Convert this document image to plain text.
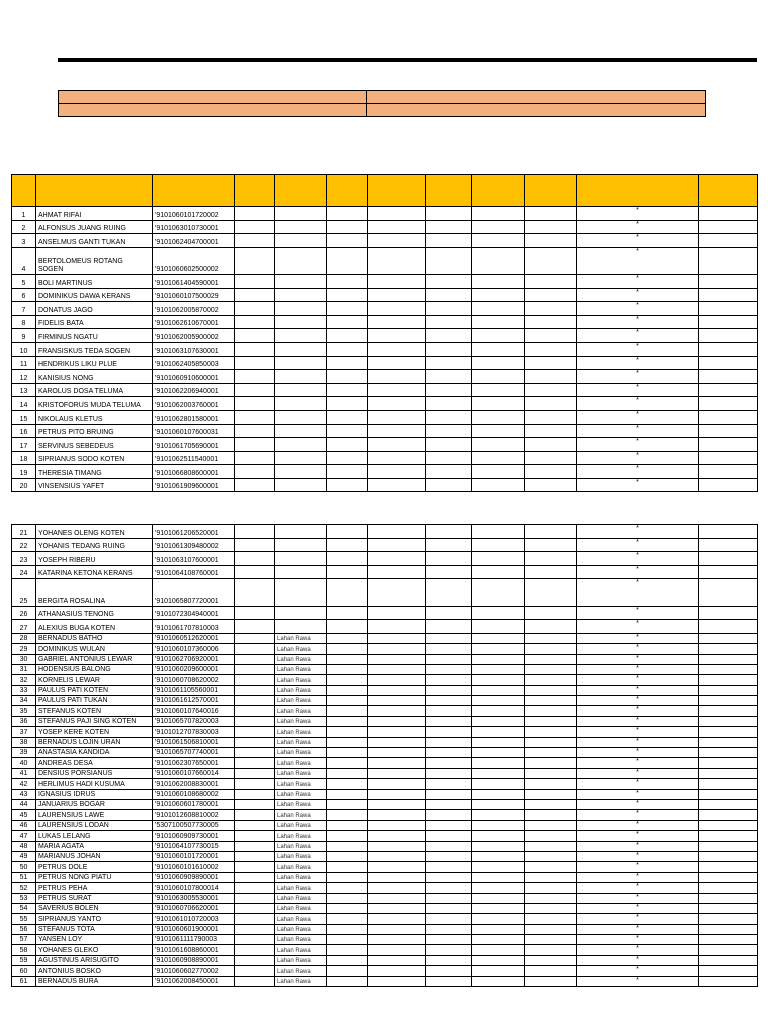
1	AHMAT RIFAI	'9101060101720002								*	
2	ALFONSUS JUANG RUING	'9101063010730001								*	
3	ANSELMUS GANTI TUKAN	'9101062404700001								*	
4	BERTOLOMEUS ROTANG SOGEN	'9101060602500002								*	
5	BOLI MARTINUS	'9101061404590001								*	
6	DOMINIKUS DAWA KERANS	'9101060107500029								*	
7	DONATUS JAGO	'9101062005870002								*	
8	FIDELIS BATA	'9101062610670001								*	
9	FIRMINUS NGATU	'9101062005900002								*	
10	FRANSISKUS TEDA SOGEN	'9101063107630001								*	
11	HENDRIKUS LIKU PLUE	'9101062405850003								*	
12	KANISIUS NONG	'9101060910600001								*	
13	KAROLUS DOSA TELUMA	'9101062206940001								*	
14	KRISTOFORUS MUDA TELUMA	'9101062003760001								*	
15	NIKOLAUS KLETUS	'9101062801580001								*	
16	PETRUS PITO BRUING	'9101060107600031								*	
17	SERVINUS SEBEDEUS	'9101061705690001								*	
18	SIPRIANUS SODO KOTEN	'9101062511540001								*	
19	THERESIA TIMANG	'9101066808600001								*	
20	VINSENSIUS YAFET	'9101061909600001								*	
21	YOHANES OLENG KOTEN	'9101061206520001								*	
22	YOHANIS TEDANG RUING	'9101061309480002								*	
23	YOSEPH RIBERU	'9101063107600001								*	
24	KATARINA KETONA KERANS	'9101064108760001								*	
25	BERGITA ROSALINA	'9101065807720001								*	
26	ATHANASIUS TENONG	'9101072304940001								*	
27	ALEXIUS BUGA KOTEN	'9101061707810003								*	
28	BERNADUS BATHO	'9101060512620001		Lahan Rawa						*	
29	DOMINIKUS WULAN	'9101060107360006		Lahan Rawa						*	
30	GABRIEL ANTONIUS LEWAR	'9101062706920001		Lahan Rawa						*	
31	HODENSIUS BALONG	'9101060209600001		Lahan Rawa						*	
32	KORNELIS LEWAR	'9101060708620002		Lahan Rawa						*	
33	PAULUS PATI KOTEN	'9101061105560001		Lahan Rawa						*	
34	PAULUS PATI TUKAN	'9101061612570001		Lahan Rawa						*	
35	STEFANUS KOTEN	'9101060107640016		Lahan Rawa						*	
36	STEFANUS PAJI SING KOTEN	'9101065707820003		Lahan Rawa						*	
37	YOSEP KERE KOTEN	'9101012707830003		Lahan Rawa						*	
38	BERNADUS LOJIN URAN	'9101061506810001		Lahan Rawa						*	
39	ANASTASIA KANDIDA	'9101065707740001		Lahan Rawa						*	
40	ANDREAS DESA	'9101062307650001		Lahan Rawa						*	
41	DENSIUS PORSIANUS	'9101060107660014		Lahan Rawa						*	
42	HERLIMUS HADI KUSUMA	'9101062008830001		Lahan Rawa						*	
43	IGNASIUS IDRUS	'9101060108680002		Lahan Rawa						*	
44	JANUARIUS BOGAR	'9101060601780001		Lahan Rawa						*	
45	LAURENSIUS LAWE	'9101012608810002		Lahan Rawa						*	
46	LAURENSIUS LODAN	'5307100507730005		Lahan Rawa						*	
47	LUKAS LELANG	'9101060909730001		Lahan Rawa						*	
48	MARIA AGATA	'9101064107730015		Lahan Rawa						*	
49	MARIANUS JOHAN	'9101060101720001		Lahan Rawa						*	
50	PETRUS DOLE	'9101060101610002		Lahan Rawa						*	
51	PETRUS NONG PIATU	'9101060909890001		Lahan Rawa						*	
52	PETRUS PEHA	'9101060107800014		Lahan Rawa						*	
53	PETRUS SURAT	'9101063005530001		Lahan Rawa						*	
54	SAVERIUS BOLEN	'9101060706620001		Lahan Rawa						*	
55	SIPRIANUS YANTO	'9101061010720003		Lahan Rawa						*	
56	STEFANUS TOTA	'9101060601900001		Lahan Rawa						*	
57	YANSEN LOY	'9101061111790003		Lahan Rawa						*	
58	YOHANES GLEKO	'9101061608860001		Lahan Rawa						*	
59	AGUSTINUS ARISUGITO	'9101060908890001		Lahan Rawa						*	
60	ANTONIUS BOSKO	'9101060602770002		Lahan Rawa						*	
61	BERNADUS BURA	'9101062008450001		Lahan Rawa						*	
